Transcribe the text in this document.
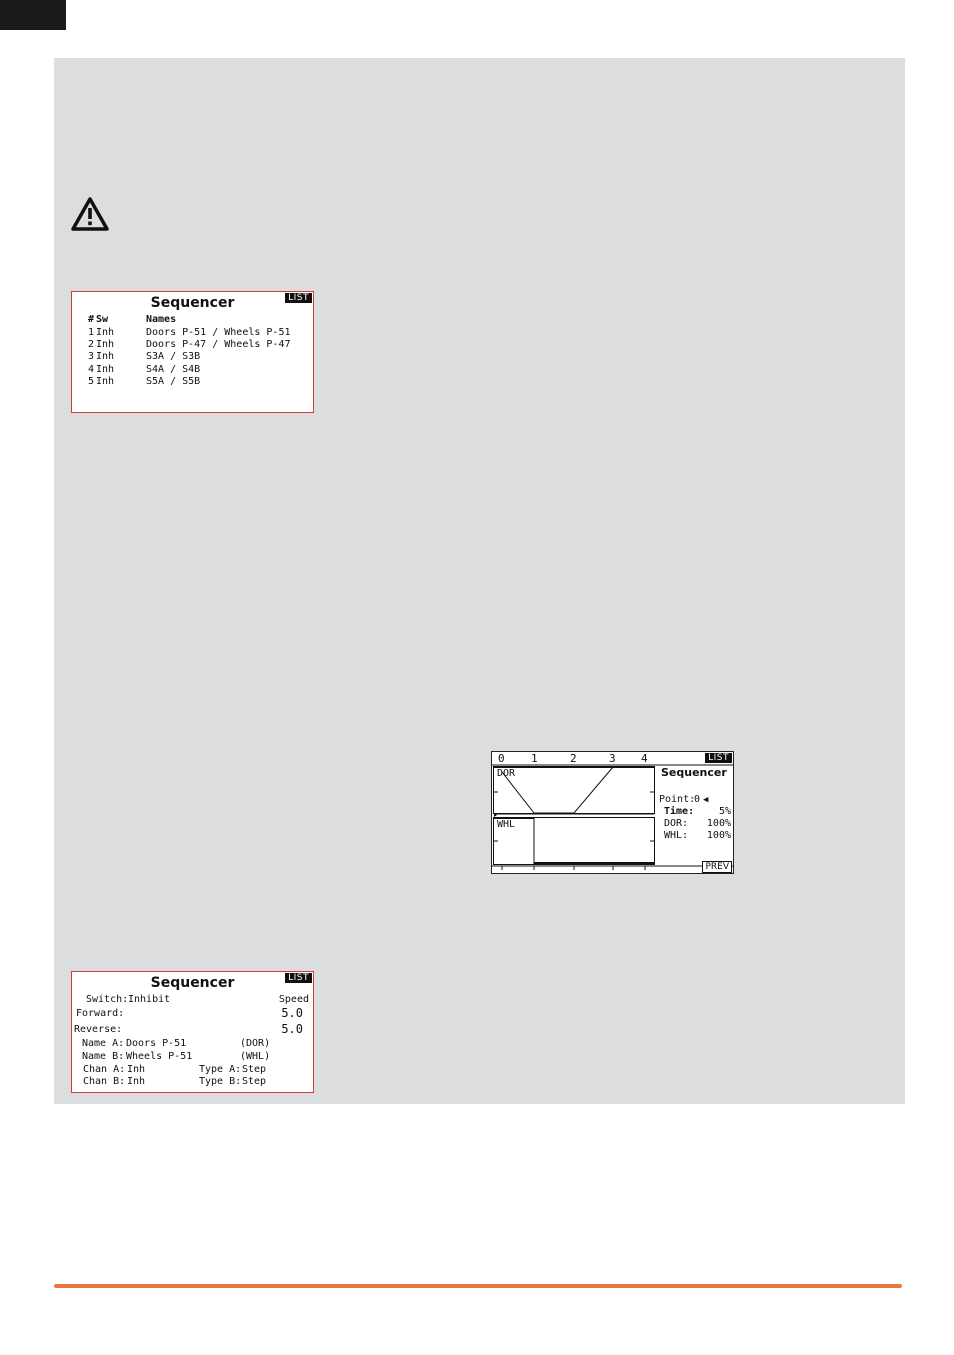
Sequencer	LIST
# Sw	Names
1 Inh	Doors P-51 / Wheels P-51
2 Inh	Doors P-47 / Wheels P-47
3 Inh	S3A / S3B
4 Inh	S4A / S4B
5 Inh	S5A / S5B
0 1	2	3 4	LIST
DOR
WHL
Sequencer
Point:
0 ◀
Time: 5%
DOR: 100%
WHL: 100%
PREV
Sequencer	LIST
Switch: Inhibit	Speed
Forward:	5.0
Reverse:	5.0
Name A: Doors P-51	(DOR)
Name B: Wheels P-51	(WHL)
Chan A: Inh	Type A: Step
Chan B: Inh	Type B: Step
